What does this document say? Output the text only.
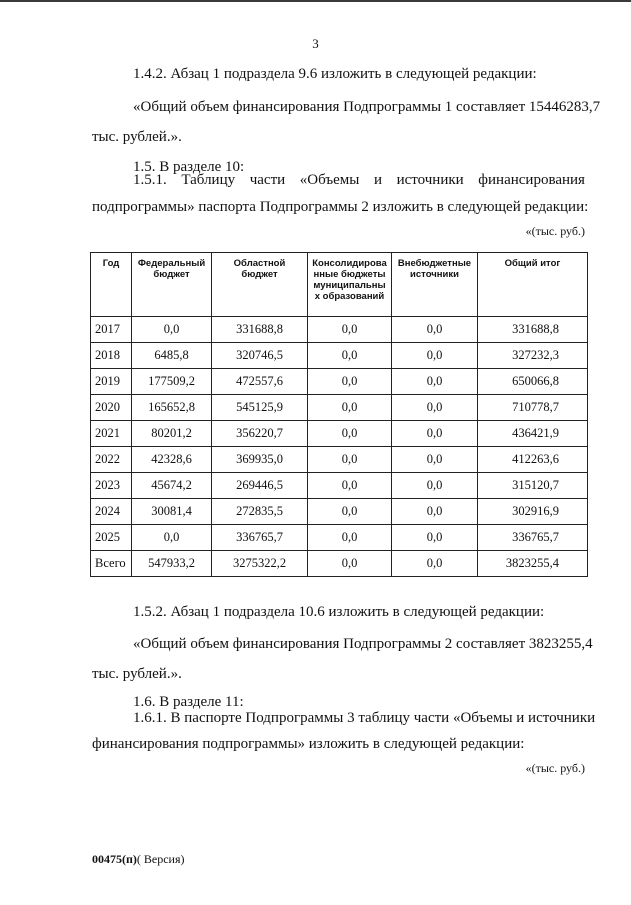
3
1.4.2. Абзац 1 подраздела 9.6 изложить в следующей редакции:
«Общий объем финансирования Подпрограммы 1 составляет 15446283,7
тыс. рублей.».
1.5. В разделе 10:
1.5.1. Таблицу части «Объемы и источники финансирования
подпрограммы» паспорта Подпрограммы 2 изложить в следующей редакции:
«(тыс. руб.)
Год	Федеральный бюджет	Областной бюджет	Консолидирова нные бюджеты муниципальны х образований	Внебюджетные источники	Общий итог
2017	0,0	331688,8	0,0	0,0	331688,8
2018	6485,8	320746,5	0,0	0,0	327232,3
2019	177509,2	472557,6	0,0	0,0	650066,8
2020	165652,8	545125,9	0,0	0,0	710778,7
2021	80201,2	356220,7	0,0	0,0	436421,9
2022	42328,6	369935,0	0,0	0,0	412263,6
2023	45674,2	269446,5	0,0	0,0	315120,7
2024	30081,4	272835,5	0,0	0,0	302916,9
2025	0,0	336765,7	0,0	0,0	336765,7
Всего	547933,2	3275322,2	0,0	0,0	3823255,4
1.5.2. Абзац 1 подраздела 10.6 изложить в следующей редакции:
«Общий объем финансирования Подпрограммы 2 составляет 3823255,4
тыс. рублей.».
1.6. В разделе 11:
1.6.1. В паспорте Подпрограммы 3 таблицу части «Объемы и источники
финансирования подпрограммы» изложить в следующей редакции:
«(тыс. руб.)
00475(п)( Версия)
